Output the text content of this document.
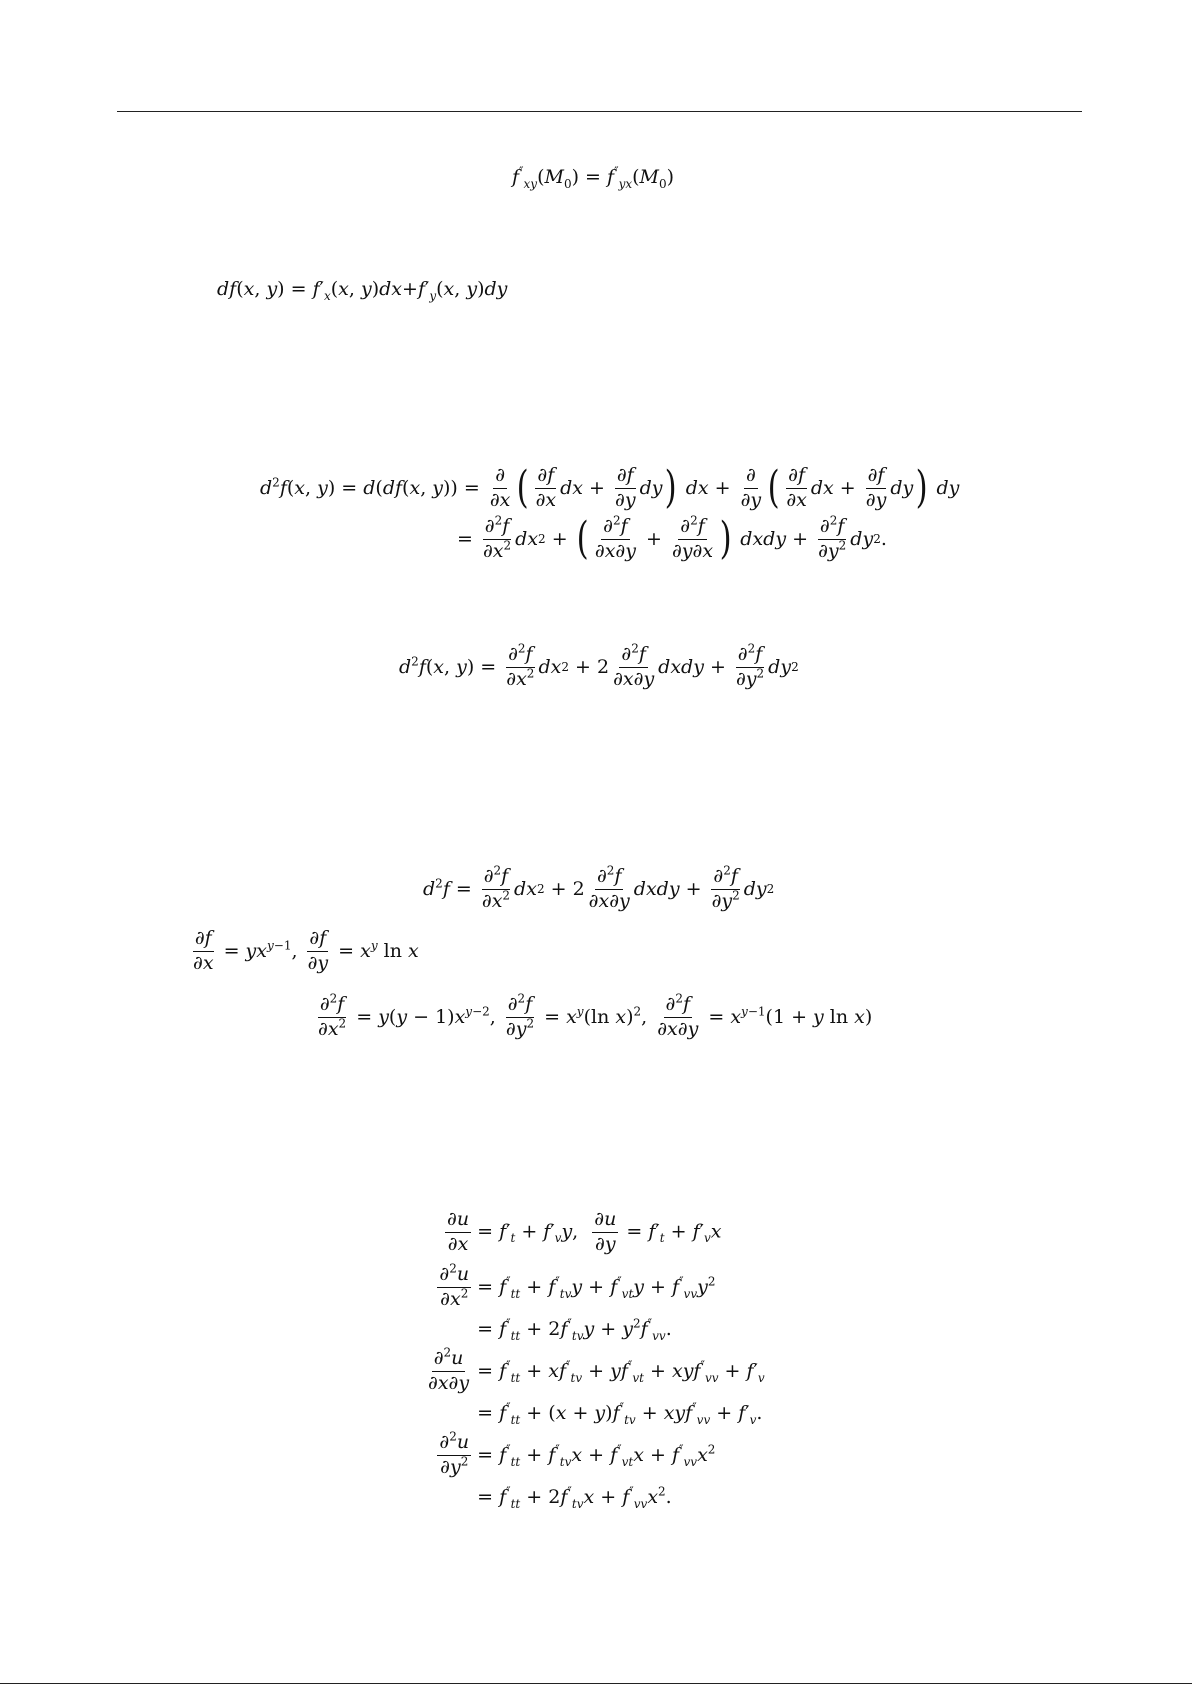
$f''_{xy}(M_0) = f''_{yx}(M_0)$
df(x, $y) = f'_x(x$, $y)dx+f'_y(x$, y)dy
$d^2f(x$, y) = d(df(x, $y)) = \frac{\partial}{\partial x}$ ( $\frac{\partial f}{\partial x}$ dx + $\frac{\partial f}{\partial y}$ dy ) dx + $\frac{\partial}{\partial y}$ ( $\frac{\partial f}{\partial x}$ dx + $\frac{\partial f}{\partial y}$ dy ) dy
= $\frac{\partial^2f}{\partial x^2}$ dx 2 + ( $\frac{\partial^2f}{\partial x\partial y} + \frac{\partial^2f}{\partial y\partial x}$ ) dxdy + $\frac{\partial^2f}{\partial y^2}$ dy 2 .
$d^2f(x$, $y) = \frac{\partial^2f}{\partial x^2}$ dx $2 + 2 \frac{\partial^2f}{\partial x\partial y}$ dxdy + $\frac{\partial^2f}{\partial y^2}$ dy 2
$d^2f = \frac{\partial^2f}{\partial x^2}$ dx $2 + 2 \frac{\partial^2f}{\partial x\partial y}$ dxdy + $\frac{\partial^2f}{\partial y^2}$ dy 2
$\frac{\partial f}{\partial x} = yx^{y-1}$, $\frac{\partial f}{\partial y} = x^y$ ln x
$\frac{\partial^2f}{\partial x^2} = y(y - 1)x^{y-2}$, $\frac{\partial^2f}{\partial y^2} = x^y(\ln$ x)$^2$, $\frac{\partial^2f}{\partial x\partial y} = x^{y-1}(1 + y$ ln x)
$\frac{\partial u}{\partial x} = f'_t + f'_vy$, $\frac{\partial u}{\partial y} = f'_t + f'_vx$
$\frac{\partial^2u}{\partial x^2} = f''_{tt} + f''_{tv}y + f''_{vt}y + f''_{vv}y^2$
= $f''_{tt} + 2f''_{tv}y + y^2f''_{vv}$.
$\frac{\partial^2u}{\partial x\partial y} = f''_{tt} + xf''_{tv} + yf''_{vt} + xyf''_{vv} + f'_v$
= $f''_{tt} + (x + y)f''_{tv} + xyf''_{vv} + f'_v$.
$\frac{\partial^2u}{\partial y^2} = f''_{tt} + f''_{tv}x + f''_{vt}x + f''_{vv}x^2$
= $f''_{tt} + 2f''_{tv}x + f''_{vv}x^2$.
